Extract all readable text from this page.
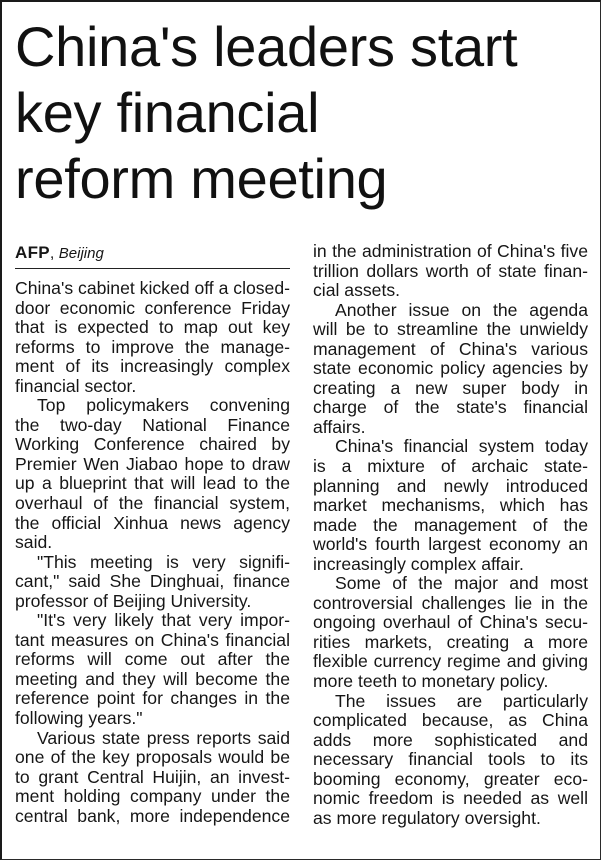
China's leaders start
key financial
reform meeting
AFP, Beijing
China's cabinet kicked off a closed-
door economic conference Friday
that is expected to map out key
reforms to improve the manage-
ment of its increasingly complex
financial sector.
Top policymakers convening
the two-day National Finance
Working Conference chaired by
Premier Wen Jiabao hope to draw
up a blueprint that will lead to the
overhaul of the financial system,
the official Xinhua news agency
said.
"This meeting is very signifi-
cant," said She Dinghuai, finance
professor of Beijing University.
"It's very likely that very impor-
tant measures on China's financial
reforms will come out after the
meeting and they will become the
reference point for changes in the
following years."
Various state press reports said
one of the key proposals would be
to grant Central Huijin, an invest-
ment holding company under the
central bank, more independence
in the administration of China's five
trillion dollars worth of state finan-
cial assets.
Another issue on the agenda
will be to streamline the unwieldy
management of China's various
state economic policy agencies by
creating a new super body in
charge of the state's financial
affairs.
China's financial system today
is a mixture of archaic state-
planning and newly introduced
market mechanisms, which has
made the management of the
world's fourth largest economy an
increasingly complex affair.
Some of the major and most
controversial challenges lie in the
ongoing overhaul of China's secu-
rities markets, creating a more
flexible currency regime and giving
more teeth to monetary policy.
The issues are particularly
complicated because, as China
adds more sophisticated and
necessary financial tools to its
booming economy, greater eco-
nomic freedom is needed as well
as more regulatory oversight.
